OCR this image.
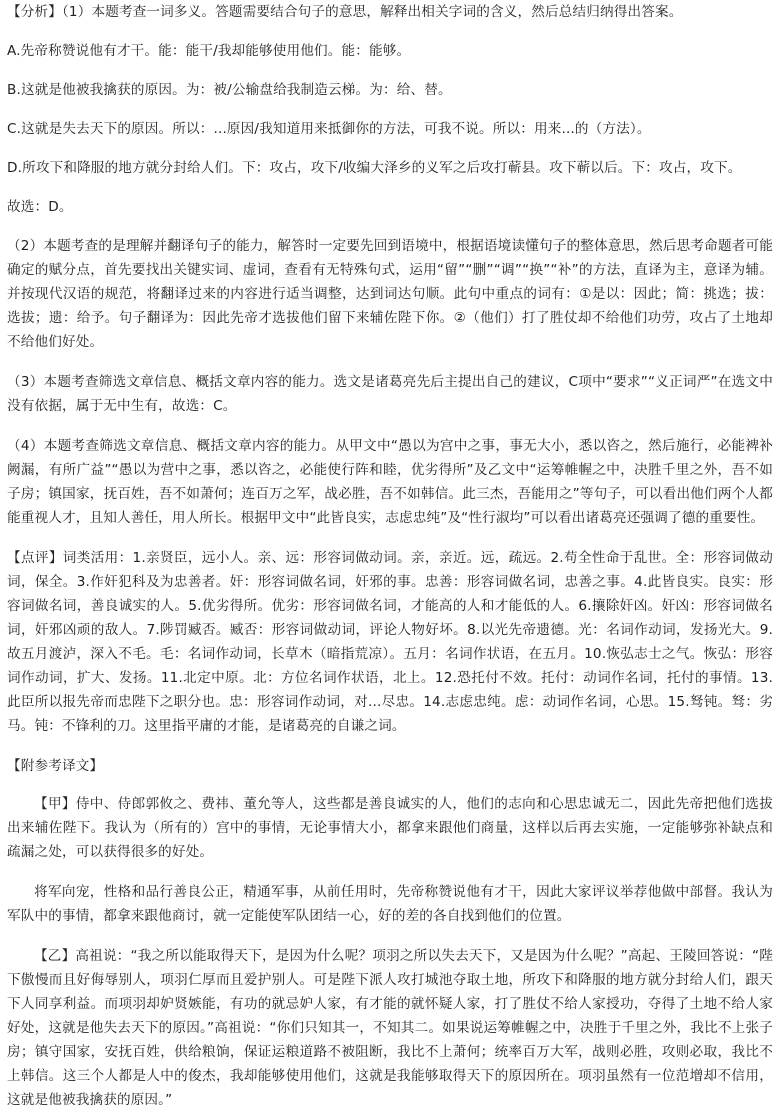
【分析】（1）本题考查一词多义。答题需要结合句子的意思，解释出相关字词的含义，然后总结归纳得出答案。

A.先帝称赞说他有才干。能：能干/我却能够使用他们。能：能够。

B.这就是他被我擒获的原因。为：被/公输盘给我制造云梯。为：给、替。

C.这就是失去天下的原因。所以：...原因/我知道用来抵御你的方法，可我不说。所以：用来...的（方法）。

D.所攻下和降服的地方就分封给人们。下：攻占，攻下/收编大泽乡的义军之后攻打蕲县。攻下蕲以后。下：攻占，攻下。

故选：D。

（2）本题考查的是理解并翻译句子的能力，解答时一定要先回到语境中，根据语境读懂句子的整体意思，然后思考命题者可能确定的赋分点，首先要找出关键实词、虚词，查看有无特殊句式，运用“留”“删”“调”“换”“补”的方法，直译为主，意译为辅。并按现代汉语的规范，将翻译过来的内容进行适当调整，达到词达句顺。此句中重点的词有：①是以：因此；简：挑选；拔：选拔；遗：给予。句子翻译为：因此先帝才选拔他们留下来辅佐陛下你。②（他们）打了胜仗却不给他们功劳，攻占了土地却不给他们好处。

（3）本题考查筛选文章信息、概括文章内容的能力。选文是诸葛亮先后主提出自己的建议，C项中“要求”“义正词严”在选文中没有依据，属于无中生有，故选：C。

（4）本题考查筛选文章信息、概括文章内容的能力。从甲文中“愚以为宫中之事，事无大小，悉以咨之，然后施行，必能裨补阙漏，有所广益”“愚以为营中之事，悉以咨之，必能使行阵和睦，优劣得所”及乙文中“运筹帷幄之中，决胜千里之外，吾不如子房；镇国家，抚百姓，吾不如萧何；连百万之军，战必胜，吾不如韩信。此三杰，吾能用之”等句子，可以看出他们两个人都能重视人才，且知人善任，用人所长。根据甲文中“此皆良实，志虑忠纯”及“性行淑均”可以看出诸葛亮还强调了德的重要性。

【点评】词类活用：1.亲贤臣，远小人。亲、远：形容词做动词。亲，亲近。远，疏远。2.苟全性命于乱世。全：形容词做动词，保全。3.作奸犯科及为忠善者。奸：形容词做名词，奸邪的事。忠善：形容词做名词，忠善之事。4.此皆良实。良实：形容词做名词，善良诚实的人。5.优劣得所。优劣：形容词做名词，才能高的人和才能低的人。6.攘除奸凶。奸凶：形容词做名词，奸邪凶顽的敌人。7.陟罚臧否。臧否：形容词做动词，评论人物好坏。8.以光先帝遗德。光：名词作动词，发扬光大。9.故五月渡泸，深入不毛。毛：名词作动词，长草木（暗指荒凉）。五月：名词作状语，在五月。10.恢弘志士之气。恢弘：形容词作动词，扩大、发扬。11.北定中原。北：方位名词作状语，北上。12.恐托付不效。托付：动词作名词，托付的事情。13.此臣所以报先帝而忠陛下之职分也。忠：形容词作动词，对...尽忠。14.志虑忠纯。虑：动词作名词，心思。15.驽钝。驽：劣马。钝：不锋利的刀。这里指平庸的才能，是诸葛亮的自谦之词。

【附参考译文】

【甲】侍中、侍郎郭攸之、费祎、董允等人，这些都是善良诚实的人，他们的志向和心思忠诚无二，因此先帝把他们选拔出来辅佐陛下。我认为（所有的）宫中的事情，无论事情大小，都拿来跟他们商量，这样以后再去实施，一定能够弥补缺点和疏漏之处，可以获得很多的好处。

将军向宠，性格和品行善良公正，精通军事，从前任用时，先帝称赞说他有才干，因此大家评议举荐他做中部督。我认为军队中的事情，都拿来跟他商讨，就一定能使军队团结一心，好的差的各自找到他们的位置。

【乙】高祖说：“我之所以能取得天下，是因为什么呢？项羽之所以失去天下，又是因为什么呢？”高起、王陵回答说：“陛下傲慢而且好侮辱别人，项羽仁厚而且爱护别人。可是陛下派人攻打城池夺取土地，所攻下和降服的地方就分封给人们，跟天下人同享利益。而项羽却妒贤嫉能，有功的就忌妒人家，有才能的就怀疑人家，打了胜仗不给人家授功，夺得了土地不给人家好处，这就是他失去天下的原因。”高祖说：“你们只知其一，不知其二。如果说运筹帷幄之中，决胜于千里之外，我比不上张子房；镇守国家，安抚百姓，供给粮饷，保证运粮道路不被阻断，我比不上萧何；统率百万大军，战则必胜，攻则必取，我比不上韩信。这三个人都是人中的俊杰，我却能够使用他们，这就是我能够取得天下的原因所在。项羽虽然有一位范增却不信用，这就是他被我擒获的原因。”
